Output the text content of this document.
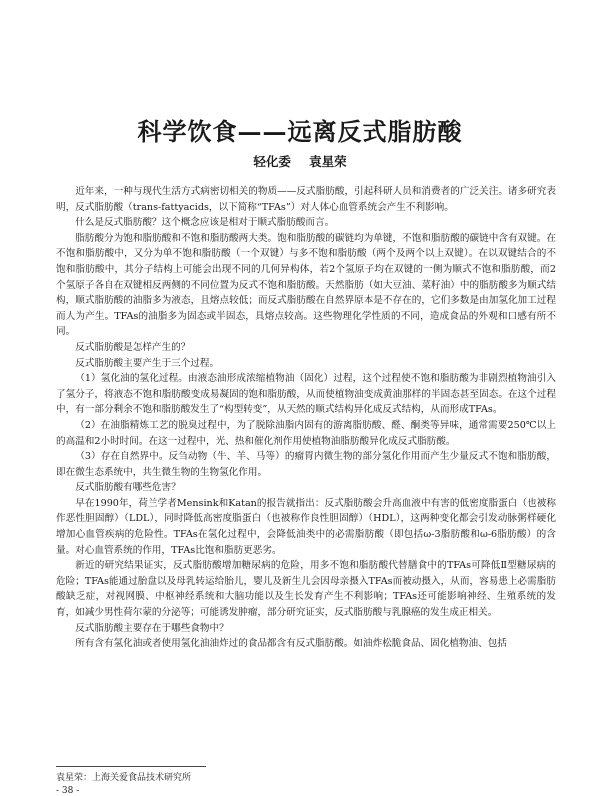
科学饮食——远离反式脂肪酸
轻化委 袁星荣

近年来，一种与现代生活方式病密切相关的物质——反式脂肪酸，引起科研人员和消费者的广泛关注。诸多研究表明，反式脂肪酸（trans-fattyacids，以下简称“TFAs”）对人体心血管系统会产生不利影响。

什么是反式脂肪酸？这个概念应该是相对于顺式脂肪酸而言。

脂肪酸分为饱和脂肪酸和不饱和脂肪酸两大类。饱和脂肪酸的碳链均为单键，不饱和脂肪酸的碳链中含有双键。在不饱和脂肪酸中，又分为单不饱和脂肪酸（一个双键）与多不饱和脂肪酸（两个及两个以上双键）。在以双键结合的不饱和脂肪酸中，其分子结构上可能会出现不同的几何异构体，若2个氢原子均在双键的一侧为顺式不饱和脂肪酸，而2个氢原子各自在双键相反两侧的不同位置为反式不饱和脂肪酸。天然脂肪（如大豆油、菜籽油）中的脂肪酸多为顺式结构，顺式脂肪酸的油脂多为液态，且熔点较低；而反式脂肪酸在自然界原本是不存在的，它们多数是由加氢化加工过程而人为产生。TFAs的油脂多为固态或半固态，具熔点较高。这些物理化学性质的不同，造成食品的外观和口感有所不同。

反式脂肪酸是怎样产生的？

反式脂肪酸主要产生于三个过程。

（1）氢化油的氢化过程。由液态油形成浓缩植物油（固化）过程，这个过程使不饱和脂肪酸为非剧烈植物油引入了氢分子，将液态不饱和脂肪酸变成易凝固的饱和脂肪酸，从而使植物油变成黄油那样的半固态甚至固态。在这个过程中，有一部分剩余不饱和脂肪酸发生了“构型转变”，从天然的顺式结构异化成反式结构，从而形成TFAs。

（2）在油脂精炼工艺的脱臭过程中，为了脱除油脂内固有的游离脂肪酸、醛、酮类等异味，通常需要250℃以上的高温和2小时时间。在这一过程中，光、热和催化剂作用使植物油脂肪酸异化成反式脂肪酸。

（3）存在自然界中。反刍动物（牛、羊、马等）的瘤胃内微生物的部分氢化作用而产生少量反式不饱和脂肪酸，即在微生态系统中，共生微生物的生物氢化作用。

反式脂肪酸有哪些危害？

早在1990年，荷兰学者Mensink和Katan的报告就指出：反式脂肪酸会升高血液中有害的低密度脂蛋白（也被称作恶性胆固醇）（LDL），同时降低高密度脂蛋白（也被称作良性胆固醇）（HDL），这两种变化都会引发动脉粥样硬化增加心血管疾病的危险性。TFAs在氢化过程中，会降低油类中的必需脂肪酸（即包括ω-3脂肪酸和ω-6脂肪酸）的含量。对心血管系统的作用，TFAs比饱和脂肪更恶劣。

新近的研究结果证实，反式脂肪酸增加糖尿病的危险，用多不饱和脂肪酸代替膳食中的TFAs可降低Ⅱ型糖尿病的危险；TFAs能通过胎盘以及母乳转运给胎儿，婴儿及新生儿会因母亲摄入TFAs而被动摄入，从而，容易患上必需脂肪酸缺乏症，对视网膜、中枢神经系统和大脑功能以及生长发育产生不利影响；TFAs还可能影响神经、生殖系统的发育，如减少男性荷尔蒙的分泌等；可能诱发肿瘤，部分研究证实，反式脂肪酸与乳腺癌的发生成正相关。

反式脂肪酸主要存在于哪些食物中？

所有含有氢化油或者使用氢化油油炸过的食品都含有反式脂肪酸。如油炸松脆食品、固化植物油、包括

袁星荣：上海关爱食品技术研究所
- 38 -
